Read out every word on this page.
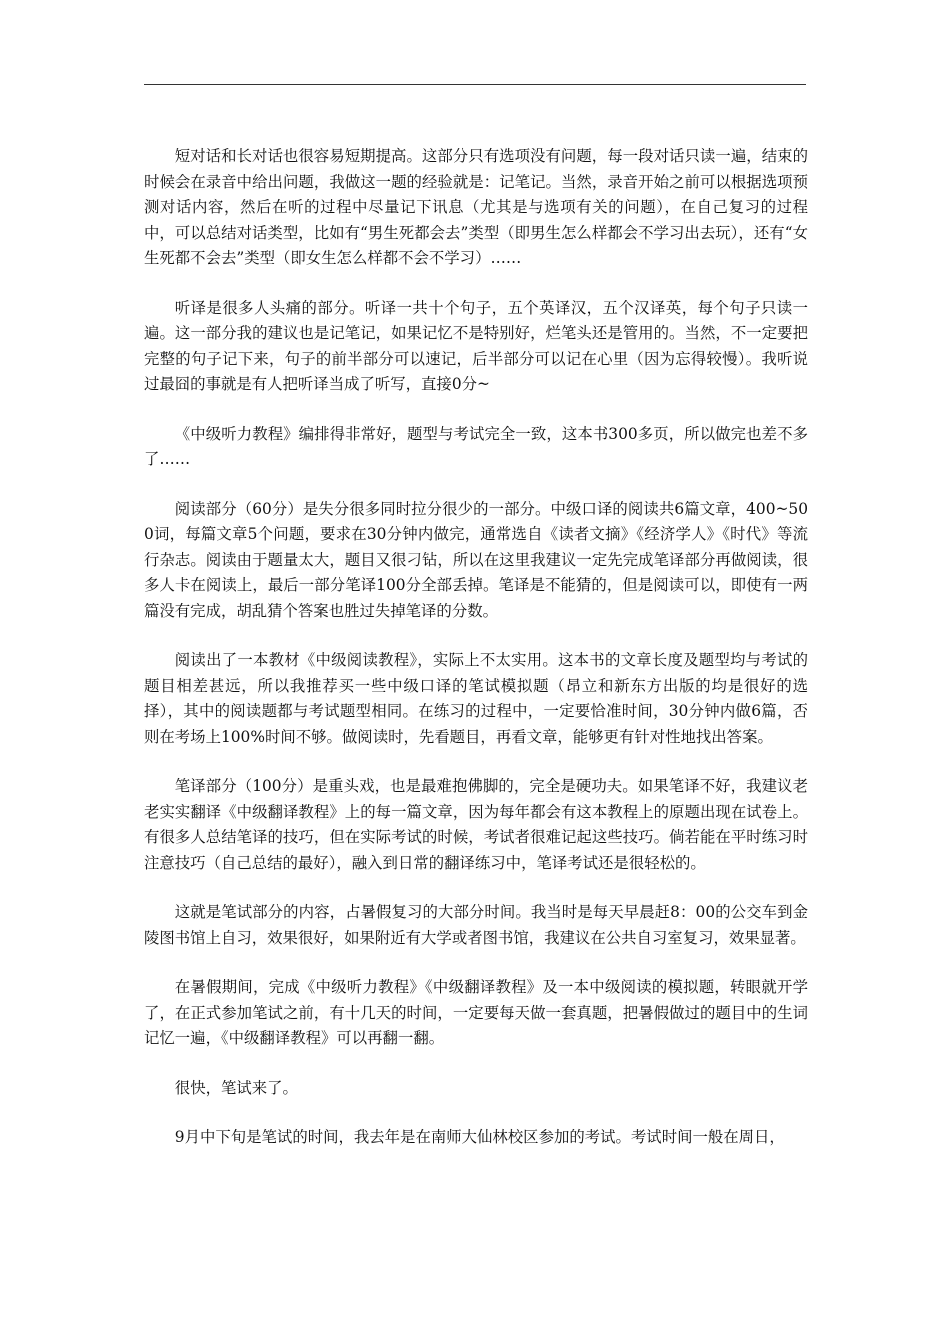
短对话和长对话也很容易短期提高。这部分只有选项没有问题，每一段对话只读一遍，结束的时候会在录音中给出问题，我做这一题的经验就是：记笔记。当然，录音开始之前可以根据选项预测对话内容，然后在听的过程中尽量记下讯息（尤其是与选项有关的问题），在自己复习的过程中，可以总结对话类型，比如有“男生死都会去”类型（即男生怎么样都会不学习出去玩），还有“女生死都不会去”类型（即女生怎么样都不会不学习）……

听译是很多人头痛的部分。听译一共十个句子，五个英译汉，五个汉译英，每个句子只读一遍。这一部分我的建议也是记笔记，如果记忆不是特别好，烂笔头还是管用的。当然，不一定要把完整的句子记下来，句子的前半部分可以速记，后半部分可以记在心里（因为忘得较慢）。我听说过最囧的事就是有人把听译当成了听写，直接0分~

《中级听力教程》编排得非常好，题型与考试完全一致，这本书300多页，所以做完也差不多了……

阅读部分（60分）是失分很多同时拉分很少的一部分。中级口译的阅读共6篇文章，400~500词，每篇文章5个问题，要求在30分钟内做完，通常选自《读者文摘》《经济学人》《时代》等流行杂志。阅读由于题量太大，题目又很刁钻，所以在这里我建议一定先完成笔译部分再做阅读，很多人卡在阅读上，最后一部分笔译100分全部丢掉。笔译是不能猜的，但是阅读可以，即使有一两篇没有完成，胡乱猜个答案也胜过失掉笔译的分数。

阅读出了一本教材《中级阅读教程》，实际上不太实用。这本书的文章长度及题型均与考试的题目相差甚远，所以我推荐买一些中级口译的笔试模拟题（昂立和新东方出版的均是很好的选择），其中的阅读题都与考试题型相同。在练习的过程中，一定要恰准时间，30分钟内做6篇，否则在考场上100%时间不够。做阅读时，先看题目，再看文章，能够更有针对性地找出答案。

笔译部分（100分）是重头戏，也是最难抱佛脚的，完全是硬功夫。如果笔译不好，我建议老老实实翻译《中级翻译教程》上的每一篇文章，因为每年都会有这本教程上的原题出现在试卷上。有很多人总结笔译的技巧，但在实际考试的时候，考试者很难记起这些技巧。倘若能在平时练习时注意技巧（自己总结的最好），融入到日常的翻译练习中，笔译考试还是很轻松的。

这就是笔试部分的内容，占暑假复习的大部分时间。我当时是每天早晨赶8：00的公交车到金陵图书馆上自习，效果很好，如果附近有大学或者图书馆，我建议在公共自习室复习，效果显著。

在暑假期间，完成《中级听力教程》《中级翻译教程》及一本中级阅读的模拟题，转眼就开学了，在正式参加笔试之前，有十几天的时间，一定要每天做一套真题，把暑假做过的题目中的生词记忆一遍，《中级翻译教程》可以再翻一翻。

很快，笔试来了。

9月中下旬是笔试的时间，我去年是在南师大仙林校区参加的考试。考试时间一般在周日，
